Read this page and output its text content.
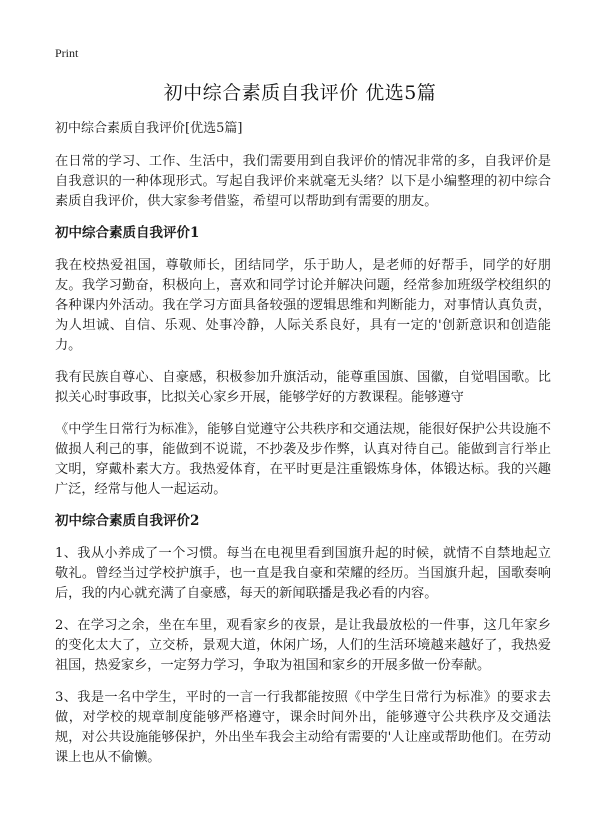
Print
初中综合素质自我评价 优选5篇
初中综合素质自我评价[优选5篇]

在日常的学习、工作、生活中，我们需要用到自我评价的情况非常的多，自我评价是自我意识的一种体现形式。写起自我评价来就毫无头绪？以下是小编整理的初中综合素质自我评价，供大家参考借鉴，希望可以帮助到有需要的朋友。

初中综合素质自我评价1

我在校热爱祖国，尊敬师长，团结同学，乐于助人，是老师的好帮手，同学的好朋友。我学习勤奋，积极向上，喜欢和同学讨论并解决问题，经常参加班级学校组织的各种课内外活动。我在学习方面具备较强的逻辑思维和判断能力，对事情认真负责，为人坦诚、自信、乐观、处事冷静，人际关系良好，具有一定的'创新意识和创造能力。

我有民族自尊心、自豪感，积极参加升旗活动，能尊重国旗、国徽，自觉唱国歌。比拟关心时事政事，比拟关心家乡开展，能够学好的方教课程。能够遵守

《中学生日常行为标准》，能够自觉遵守公共秩序和交通法规，能很好保护公共设施不做损人利己的事，能做到不说谎，不抄袭及步作弊，认真对待自己。能做到言行举止文明，穿戴朴素大方。我热爱体育，在平时更是注重锻炼身体，体锻达标。我的兴趣广泛，经常与他人一起运动。

初中综合素质自我评价2

1、我从小养成了一个习惯。每当在电视里看到国旗升起的时候，就情不自禁地起立敬礼。曾经当过学校护旗手，也一直是我自豪和荣耀的经历。当国旗升起，国歌奏响后，我的内心就充满了自豪感，每天的新闻联播是我必看的内容。

2、在学习之余，坐在车里，观看家乡的夜景，是让我最放松的一件事，这几年家乡的变化太大了，立交桥，景观大道，休闲广场，人们的生活环境越来越好了，我热爱祖国，热爱家乡，一定努力学习，争取为祖国和家乡的开展多做一份奉献。

3、我是一名中学生，平时的一言一行我都能按照《中学生日常行为标准》的要求去做，对学校的规章制度能够严格遵守，课余时间外出，能够遵守公共秩序及交通法规，对公共设施能够保护，外出坐车我会主动给有需要的'人让座或帮助他们。在劳动课上也从不偷懒。
